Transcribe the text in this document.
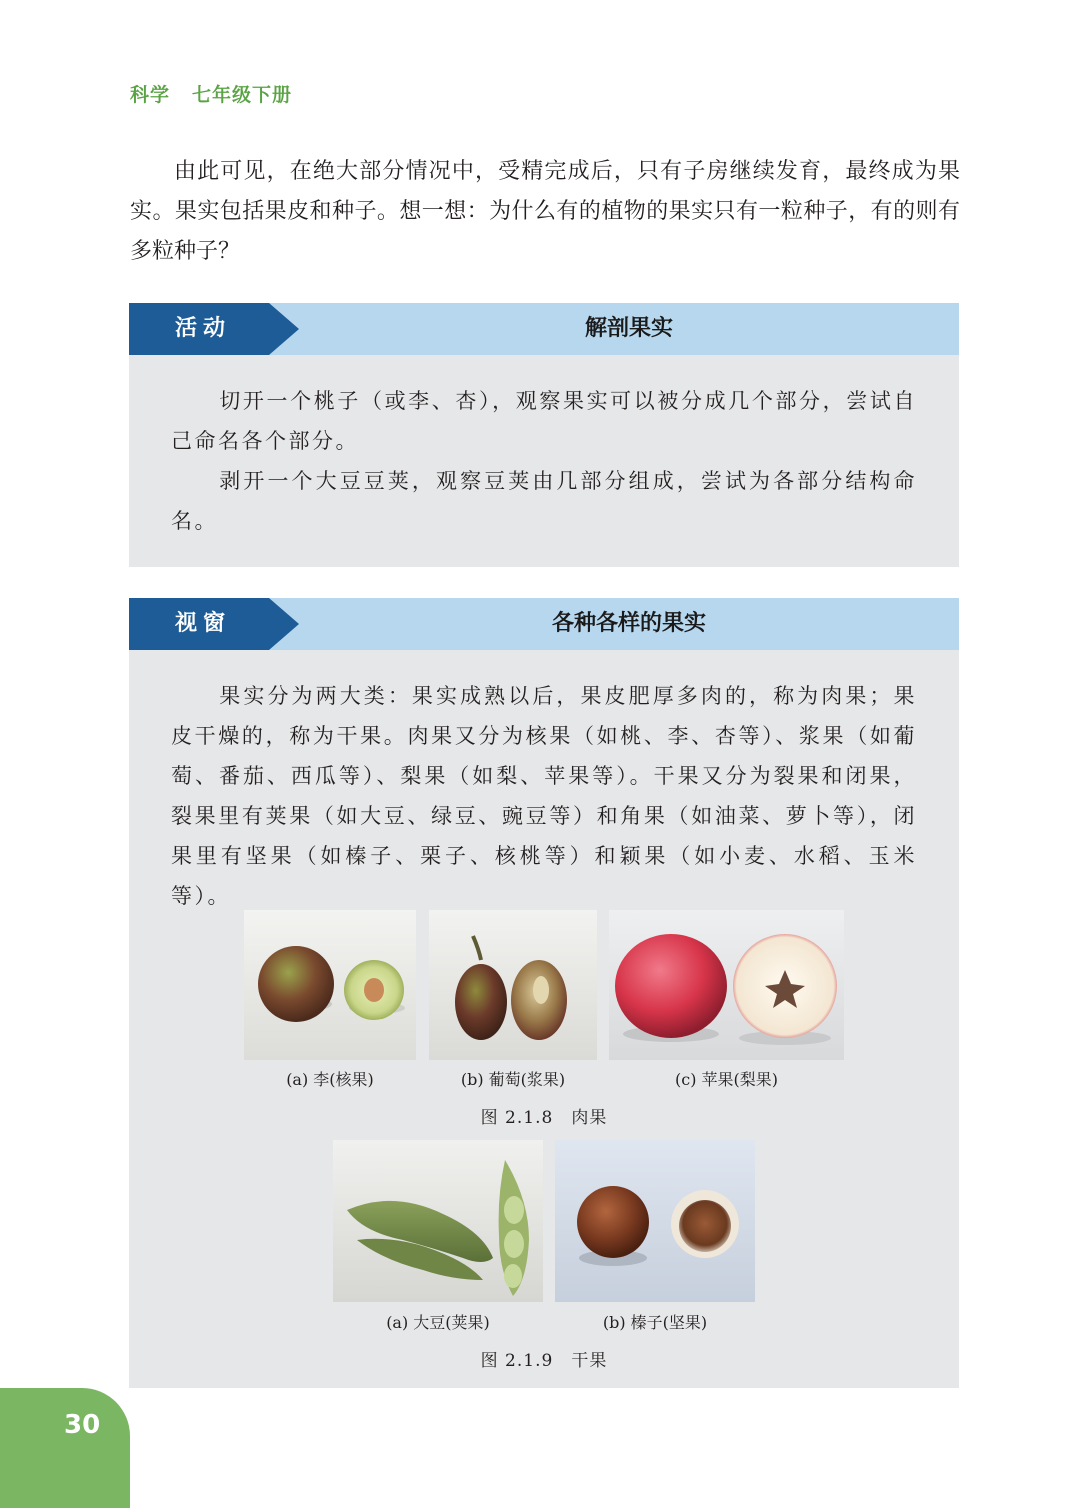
科学 七年级下册

由此可见，在绝大部分情况中，受精完成后，只有子房继续发育，最终成为果实。果实包括果皮和种子。想一想：为什么有的植物的果实只有一粒种子，有的则有多粒种子？

活动	解剖果实

切开一个桃子（或李、杏），观察果实可以被分成几个部分，尝试自己命名各个部分。

剥开一个大豆豆荚，观察豆荚由几部分组成，尝试为各部分结构命名。

视窗	各种各样的果实

果实分为两大类：果实成熟以后，果皮肥厚多肉的，称为肉果；果皮干燥的，称为干果。肉果又分为核果（如桃、李、杏等）、浆果（如葡萄、番茄、西瓜等）、梨果（如梨、苹果等）。干果又分为裂果和闭果，裂果里有荚果（如大豆、绿豆、豌豆等）和角果（如油菜、萝卜等），闭果里有坚果（如榛子、栗子、核桃等）和颖果（如小麦、水稻、玉米等）。

(a) 李(核果)	(b) 葡萄(浆果)	(c) 苹果(梨果)
图 2.1.8　肉果
(a) 大豆(荚果)	(b) 榛子(坚果)
图 2.1.9　干果
30
